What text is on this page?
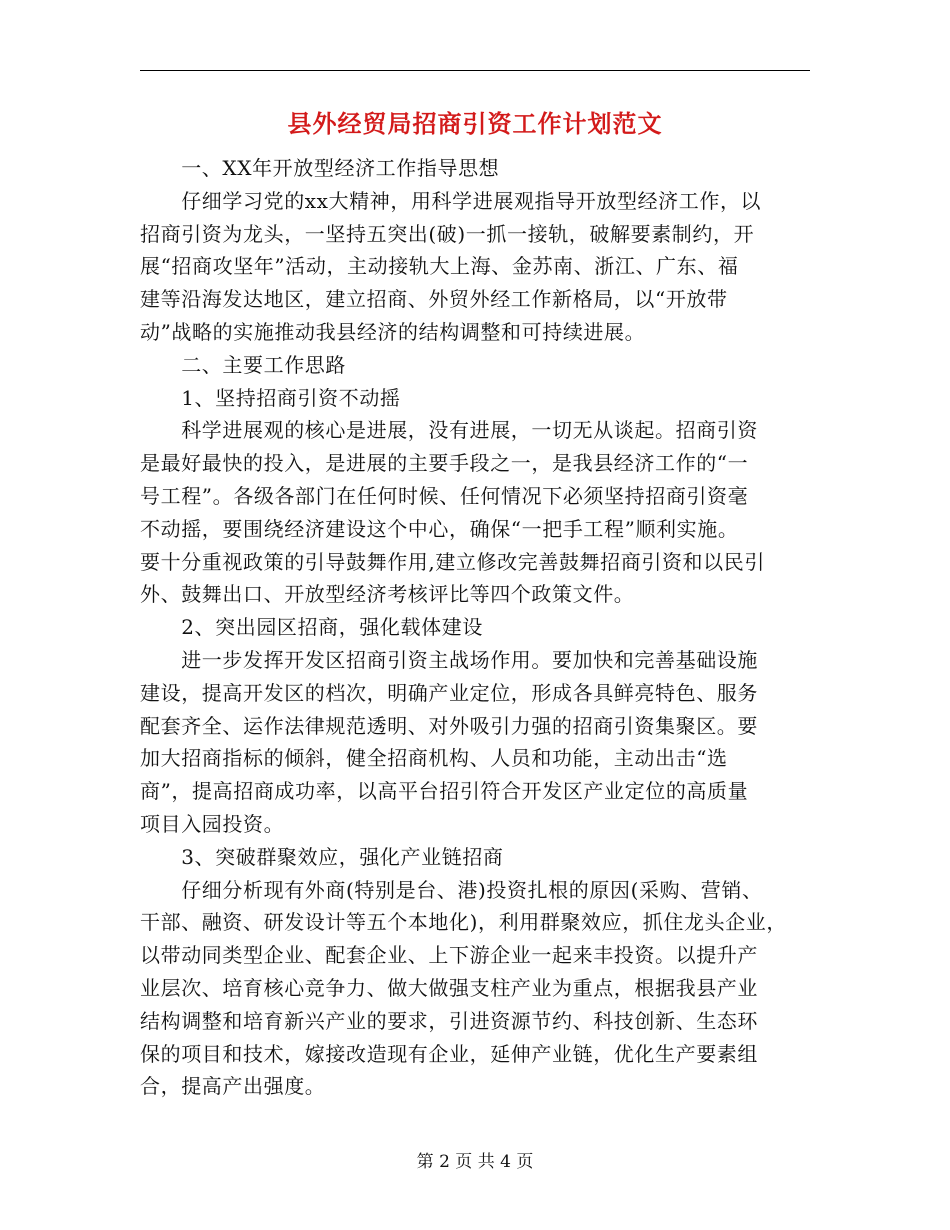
县外经贸局招商引资工作计划范文
　　一、XX年开放型经济工作指导思想
　　仔细学习党的xx大精神，用科学进展观指导开放型经济工作，以
招商引资为龙头，一坚持五突出(破)一抓一接轨，破解要素制约，开
展“招商攻坚年”活动，主动接轨大上海、金苏南、浙江、广东、福
建等沿海发达地区，建立招商、外贸外经工作新格局，以“开放带
动”战略的实施推动我县经济的结构调整和可持续进展。
　　二、主要工作思路
　　1、坚持招商引资不动摇
　　科学进展观的核心是进展，没有进展，一切无从谈起。招商引资
是最好最快的投入，是进展的主要手段之一，是我县经济工作的“一
号工程”。各级各部门在任何时候、任何情况下必须坚持招商引资毫
不动摇，要围绕经济建设这个中心，确保“一把手工程”顺利实施。
要十分重视政策的引导鼓舞作用,建立修改完善鼓舞招商引资和以民引
外、鼓舞出口、开放型经济考核评比等四个政策文件。
　　2、突出园区招商，强化载体建设
　　进一步发挥开发区招商引资主战场作用。要加快和完善基础设施
建设，提高开发区的档次，明确产业定位，形成各具鲜亮特色、服务
配套齐全、运作法律规范透明、对外吸引力强的招商引资集聚区。要
加大招商指标的倾斜，健全招商机构、人员和功能，主动出击“选
商”，提高招商成功率，以高平台招引符合开发区产业定位的高质量
项目入园投资。
　　3、突破群聚效应，强化产业链招商
　　仔细分析现有外商(特别是台、港)投资扎根的原因(采购、营销、
干部、融资、研发设计等五个本地化)，利用群聚效应，抓住龙头企业，
以带动同类型企业、配套企业、上下游企业一起来丰投资。以提升产
业层次、培育核心竞争力、做大做强支柱产业为重点，根据我县产业
结构调整和培育新兴产业的要求，引进资源节约、科技创新、生态环
保的项目和技术，嫁接改造现有企业，延伸产业链，优化生产要素组
合，提高产出强度。
第 2 页 共 4 页
